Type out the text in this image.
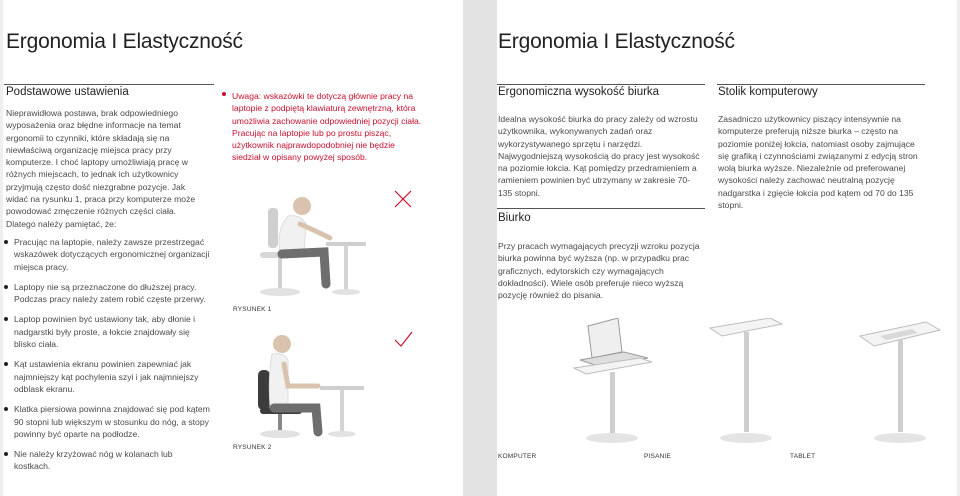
Ergonomia I Elastyczność
Podstawowe ustawienia
Nieprawidłowa postawa, brak odpowiedniego wyposażenia oraz błędne informacje na temat ergonomii to czynniki, które składają się na niewłaściwą organizację miejsca pracy przy komputerze. I choć laptopy umożliwiają pracę w różnych miejscach, to jednak ich użytkownicy przyjmują często dość niezgrabne pozycje. Jak widać na rysunku 1, praca przy komputerze może powodować zmęczenie różnych części ciała. Dlatego należy pamiętać, że:
Pracując na laptopie, należy zawsze przestrzegać wskazówek dotyczących ergonomicznej organizacji miejsca pracy.
Laptopy nie są przeznaczone do dłuższej pracy. Podczas pracy należy zatem robić częste przerwy.
Laptop powinien być ustawiony tak, aby dłonie i nadgarstki były proste, a łokcie znajdowały się blisko ciała.
Kąt ustawienia ekranu powinien zapewniać jak najmniejszy kąt pochylenia szyi i jak najmniejszy odblask ekranu.
Klatka piersiowa powinna znajdować się pod kątem 90 stopni lub większym w stosunku do nóg, a stopy powinny być oparte na podłodze.
Nie należy krzyżować nóg w kolanach lub kostkach.
Uwaga: wskazówki te dotyczą głównie pracy na laptopie z podpiętą klawiaturą zewnętrzną, która umożliwia zachowanie odpowiedniej pozycji ciała. Pracując na laptopie lub po prostu pisząc, użytkownik najprawdopodobniej nie będzie siedział w opisany powyżej sposób.
RYSUNEK 1
RYSUNEK 2
Ergonomia I Elastyczność
Ergonomiczna wysokość biurka
Idealna wysokość biurka do pracy zależy od wzrostu użytkownika, wykonywanych zadań oraz wykorzystywanego sprzętu i narzędzi. Najwygodniejszą wysokością do pracy jest wysokość na poziomie łokcia. Kąt pomiędzy przedramieniem a ramieniem powinien być utrzymany w zakresie 70-135 stopni.
Biurko
Przy pracach wymagających precyzji wzroku pozycja biurka powinna być wyższa (np. w przypadku prac graficznych, edytorskich czy wymagających dokładności). Wiele osób preferuje nieco wyższą pozycję również do pisania.
Stolik komputerowy
Zasadniczo użytkownicy piszący intensywnie na komputerze preferują niższe biurka – często na poziomie poniżej łokcia, natomiast osoby zajmujące się grafiką i czynnościami związanymi z edycją stron wolą biurka wyższe. Niezależnie od preferowanej wysokości należy zachować neutralną pozycję nadgarstka i zgięcie łokcia pod kątem od 70 do 135 stopni.
KOMPUTER	PISANIE	TABLET
